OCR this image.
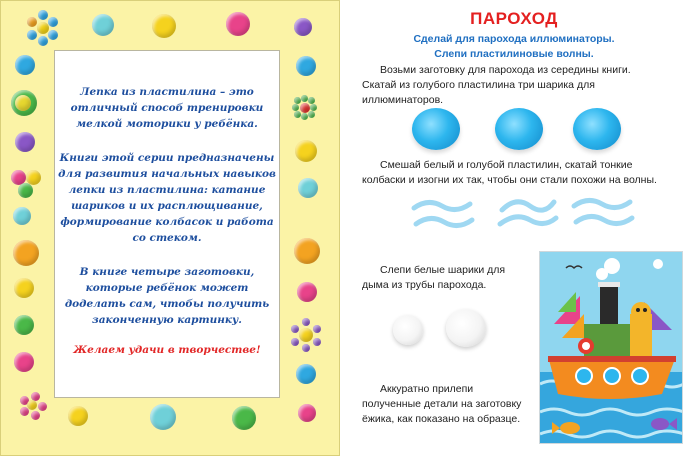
Лепка из пластилина – это отличный способ тренировки мелкой моторики у ребёнка.

Книги этой серии предназначены для развития начальных навыков лепки из пластилина: катание шариков и их расплющивание, формирование колбасок и работа со стеком.

В книге четыре заготовки, которые ребёнок может доделать сам, чтобы получить законченную картинку.

Желаем удачи в творчестве!

ПАРОХОД

Сделай для парохода иллюминаторы.

Слепи пластилиновые волны.

Возьми заготовку для парохода из середины книги. Скатай из голубого пластилина три шарика для иллюминаторов.

Смешай белый и голубой пластилин, скатай тонкие колбаски и изогни их так, чтобы они стали похожи на волны.

Слепи белые шарики для дыма из трубы парохода.

Аккуратно прилепи полученные детали на заготовку ёжика, как показано на образце.
